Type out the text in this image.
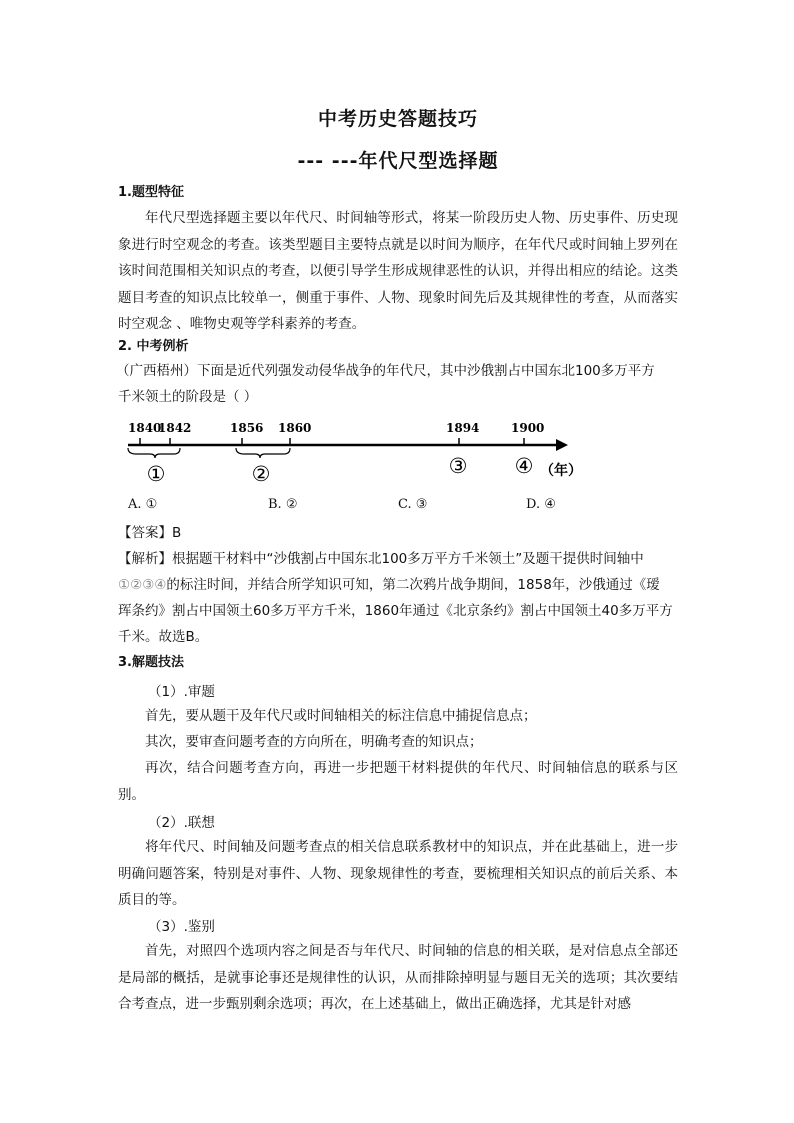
中考历史答题技巧
--- ---年代尺型选择题
1.题型特征
年代尺型选择题主要以年代尺、时间轴等形式，将某一阶段历史人物、历史事件、历史现象进行时空观念的考查。该类型题目主要特点就是以时间为顺序，在年代尺或时间轴上罗列在该时间范围相关知识点的考查，以便引导学生形成规律恶性的认识，并得出相应的结论。这类题目考查的知识点比较单一，侧重于事件、人物、现象时间先后及其规律性的考查，从而落实时空观念 、唯物史观等学科素养的考查。
2. 中考例析
（广西梧州）下面是近代列强发动侵华战争的年代尺，其中沙俄割占中国东北100多万平方
千米领土的阶段是（ ）
1840
1842	1856 1860	1894	1900
①	②	③ ④ （年）
A. ①	B. ②	C. ③	D. ④
【答案】B
【解析】根据题干材料中“沙俄割占中国东北100多万平方千米领土”及题干提供时间轴中
①②③④的标注时间，并结合所学知识可知，第二次鸦片战争期间，1858年，沙俄通过《瑷
珲条约》割占中国领土60多万平方千米，1860年通过《北京条约》割占中国领土40多万平方
千米。故选B。
3.解题技法
（1）.审题
首先，要从题干及年代尺或时间轴相关的标注信息中捕捉信息点；
其次，要审查问题考查的方向所在，明确考查的知识点；
再次，结合问题考查方向，再进一步把题干材料提供的年代尺、时间轴信息的联系与区别。
（2）.联想
将年代尺、时间轴及问题考查点的相关信息联系教材中的知识点，并在此基础上，进一步明确问题答案，特别是对事件、人物、现象规律性的考查，要梳理相关知识点的前后关系、本质目的等。
（3）.鉴别
首先，对照四个选项内容之间是否与年代尺、时间轴的信息的相关联，是对信息点全部还是局部的概括，是就事论事还是规律性的认识，从而排除掉明显与题目无关的选项；其次要结合考查点，进一步甄别剩余选项；再次，在上述基础上，做出正确选择，尤其是针对感
